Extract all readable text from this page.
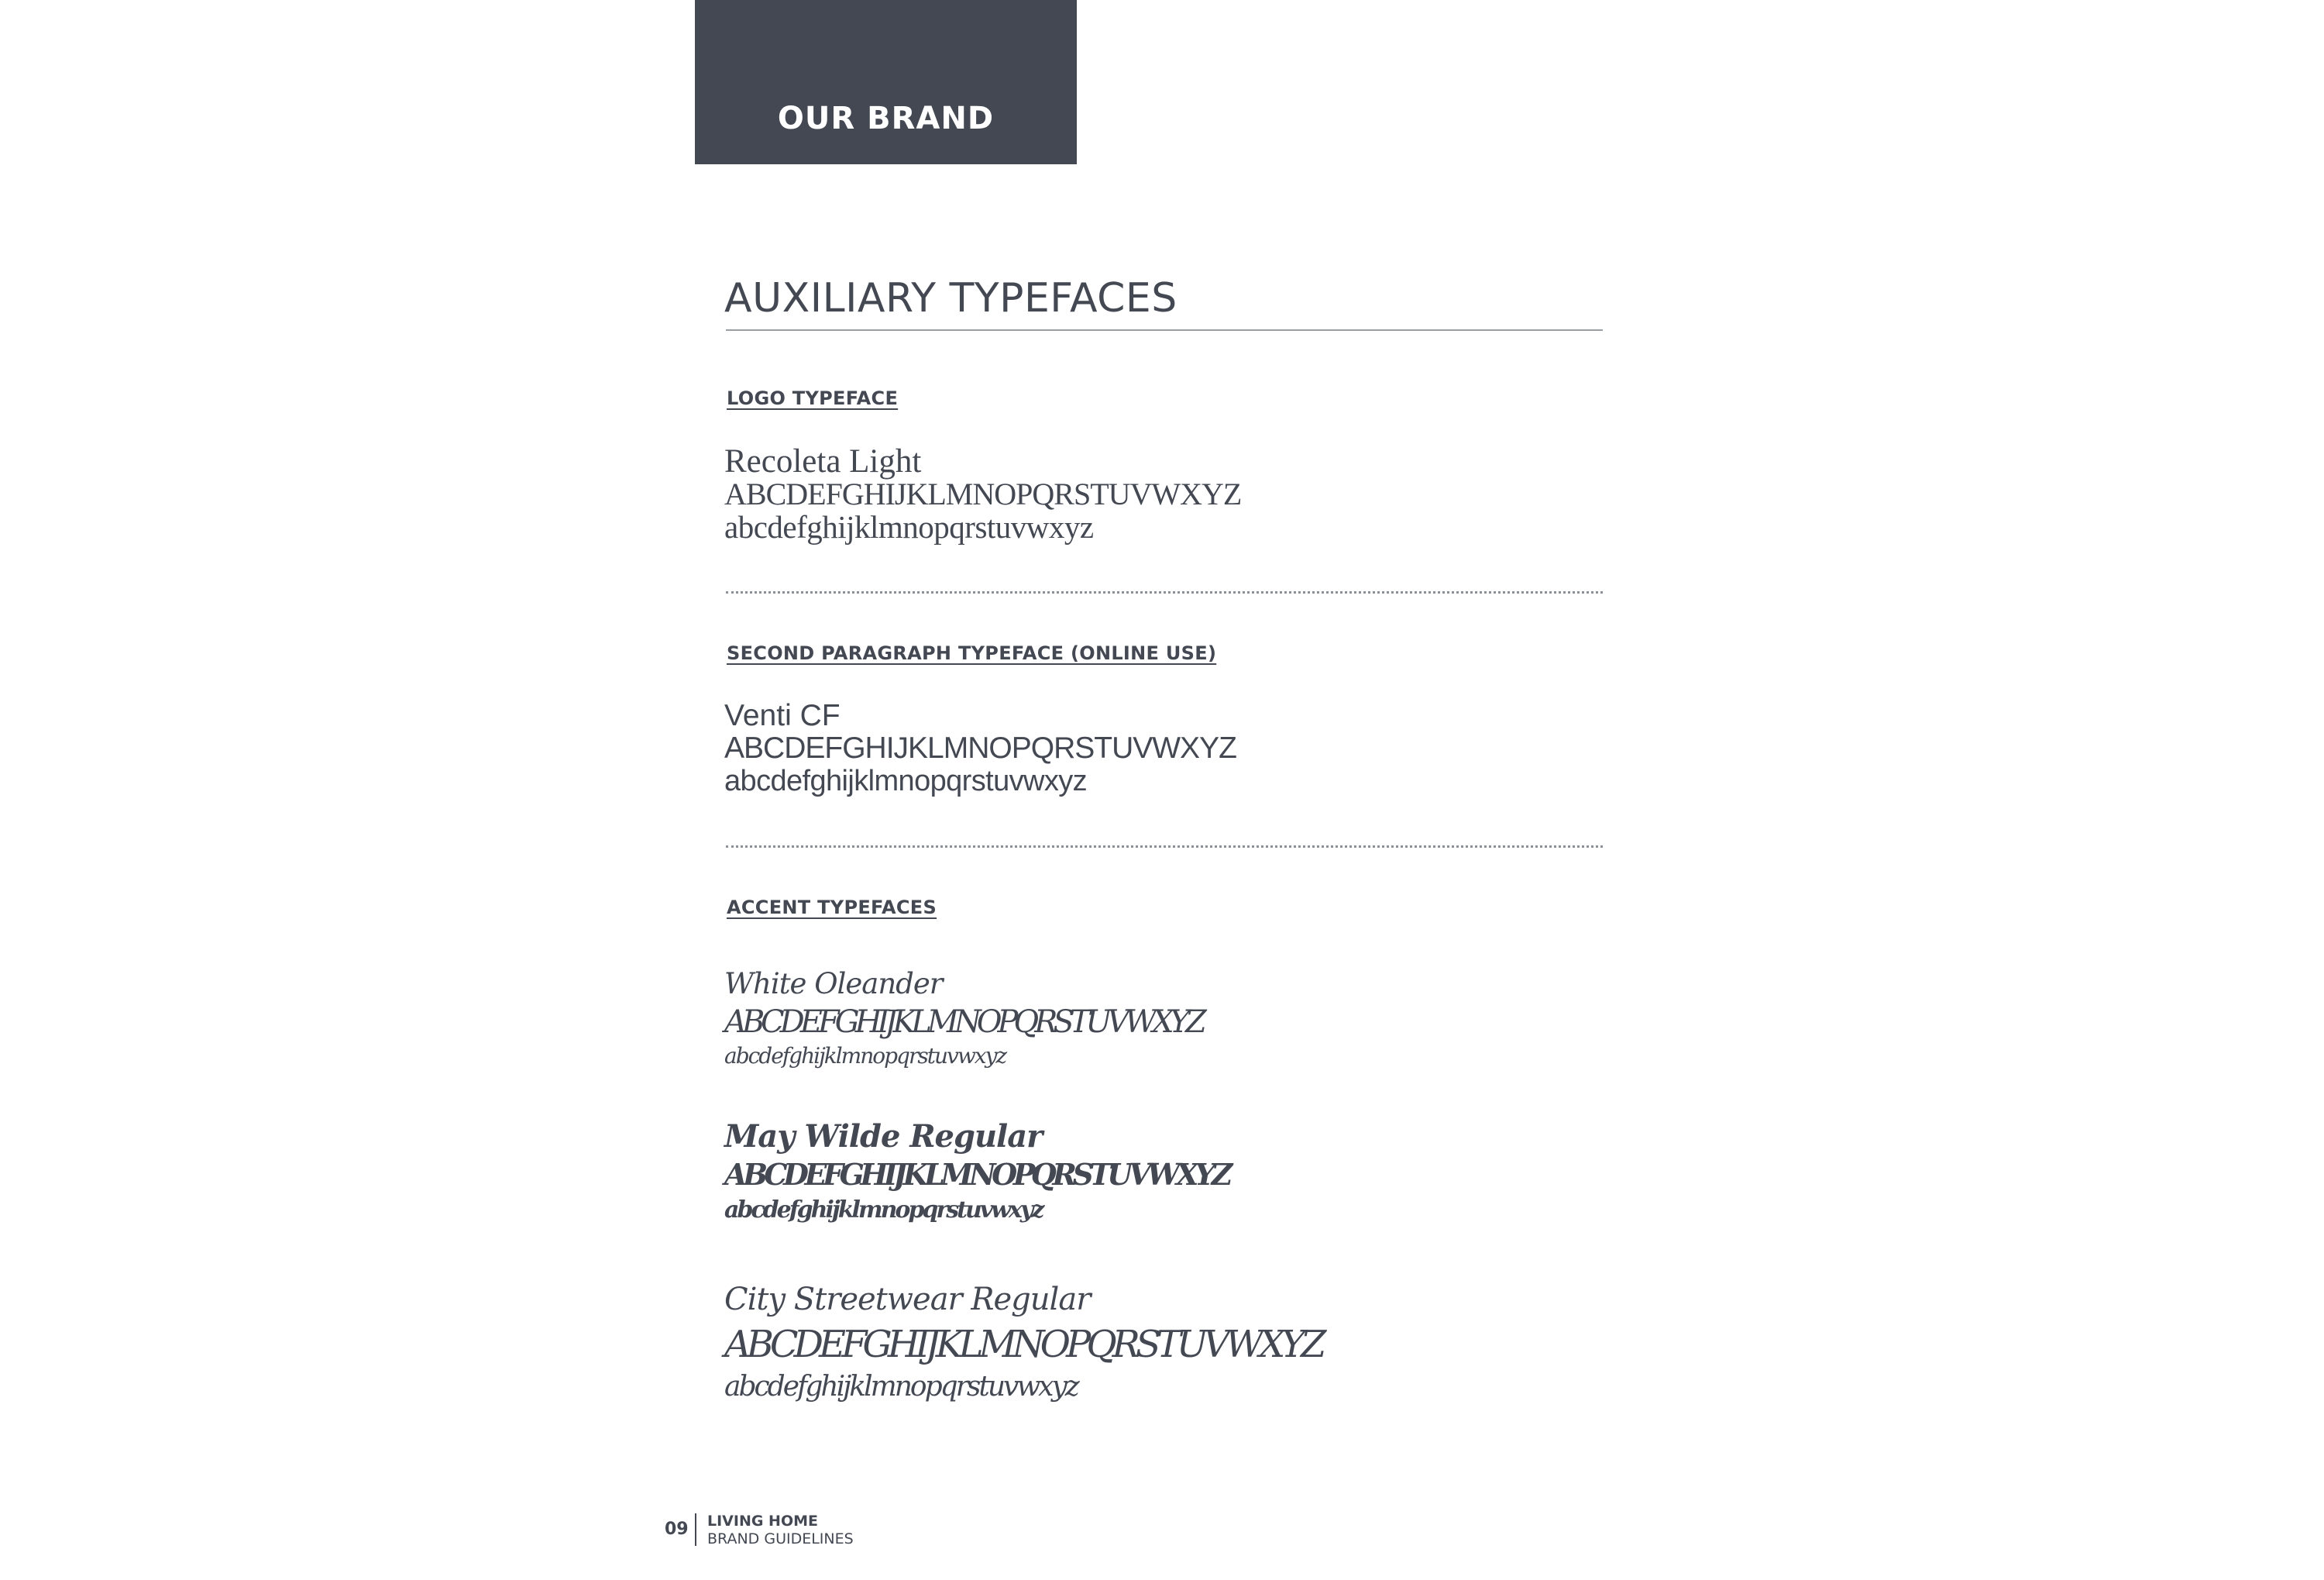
OUR BRAND
AUXILIARY TYPEFACES
LOGO TYPEFACE
Recoleta Light
ABCDEFGHIJKLMNOPQRSTUVWXYZ
abcdefghijklmnopqrstuvwxyz
SECOND PARAGRAPH TYPEFACE (ONLINE USE)
Venti CF
ABCDEFGHIJKLMNOPQRSTUVWXYZ
abcdefghijklmnopqrstuvwxyz
ACCENT TYPEFACES
White Oleander
ABCDEFGHIJKLMNOPQRSTUVWXYZ
abcdefghijklmnopqrstuvwxyz
May Wilde Regular
ABCDEFGHIJKLMNOPQRSTUVWXYZ
abcdefghijklmnopqrstuvwxyz
City Streetwear Regular
ABCDEFGHIJKLMNOPQRSTUVWXYZ
abcdefghijklmnopqrstuvwxyz
09 LIVING HOME
BRAND GUIDELINES
